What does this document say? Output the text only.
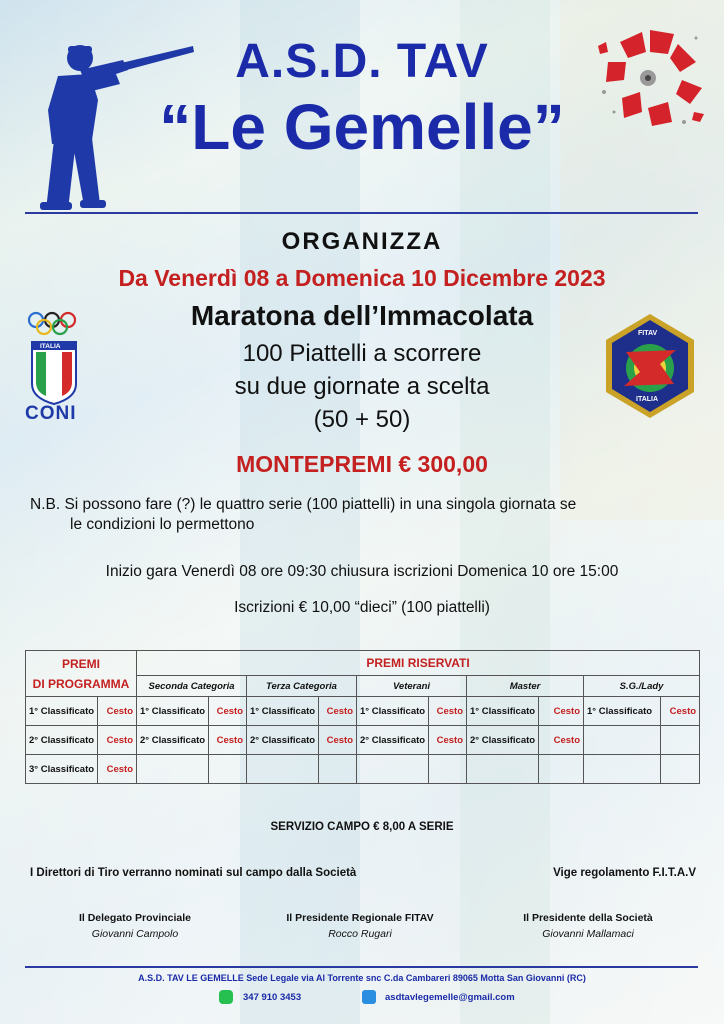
A.S.D. TAV
“Le Gemelle”
ORGANIZZA
Da Venerdì 08 a Domenica 10 Dicembre 2023
Maratona dell’Immacolata
100 Piattelli a scorrere
su due giornate a scelta
(50 + 50)
MONTEPREMI € 300,00
ITALIA
CONI
FITAV
ITALIA
N.B. Si possono fare (?) le quattro serie (100 piattelli) in una singola giornata se
le condizioni lo permettono
Inizio gara Venerdì 08 ore 09:30 chiusura iscrizioni Domenica 10 ore 15:00
Iscrizioni € 10,00 “dieci” (100 piattelli)
PREMI
DI PROGRAMMA		PREMI RISERVATI									
		Seconda Categoria		Terza Categoria		Veterani		Master		S.G./Lady	
1° Classificato	Cesto	1° Classificato	Cesto	1° Classificato	Cesto	1° Classificato	Cesto	1° Classificato	Cesto	1° Classificato	Cesto
2° Classificato	Cesto	2° Classificato	Cesto	2° Classificato	Cesto	2° Classificato	Cesto	2° Classificato	Cesto		
3° Classificato	Cesto										
SERVIZIO CAMPO € 8,00 A SERIE
I Direttori di Tiro verranno nominati sul campo dalla Società	Vige regolamento F.I.T.A.V
Il Delegato Provinciale
Giovanni Campolo
Il Presidente Regionale FITAV
Rocco Rugari
Il Presidente della Società
Giovanni Mallamaci
A.S.D. TAV LE GEMELLE Sede Legale via Al Torrente snc C.da Cambareri 89065 Motta San Giovanni (RC)
347 910 3453	asdtavlegemelle@gmail.com
